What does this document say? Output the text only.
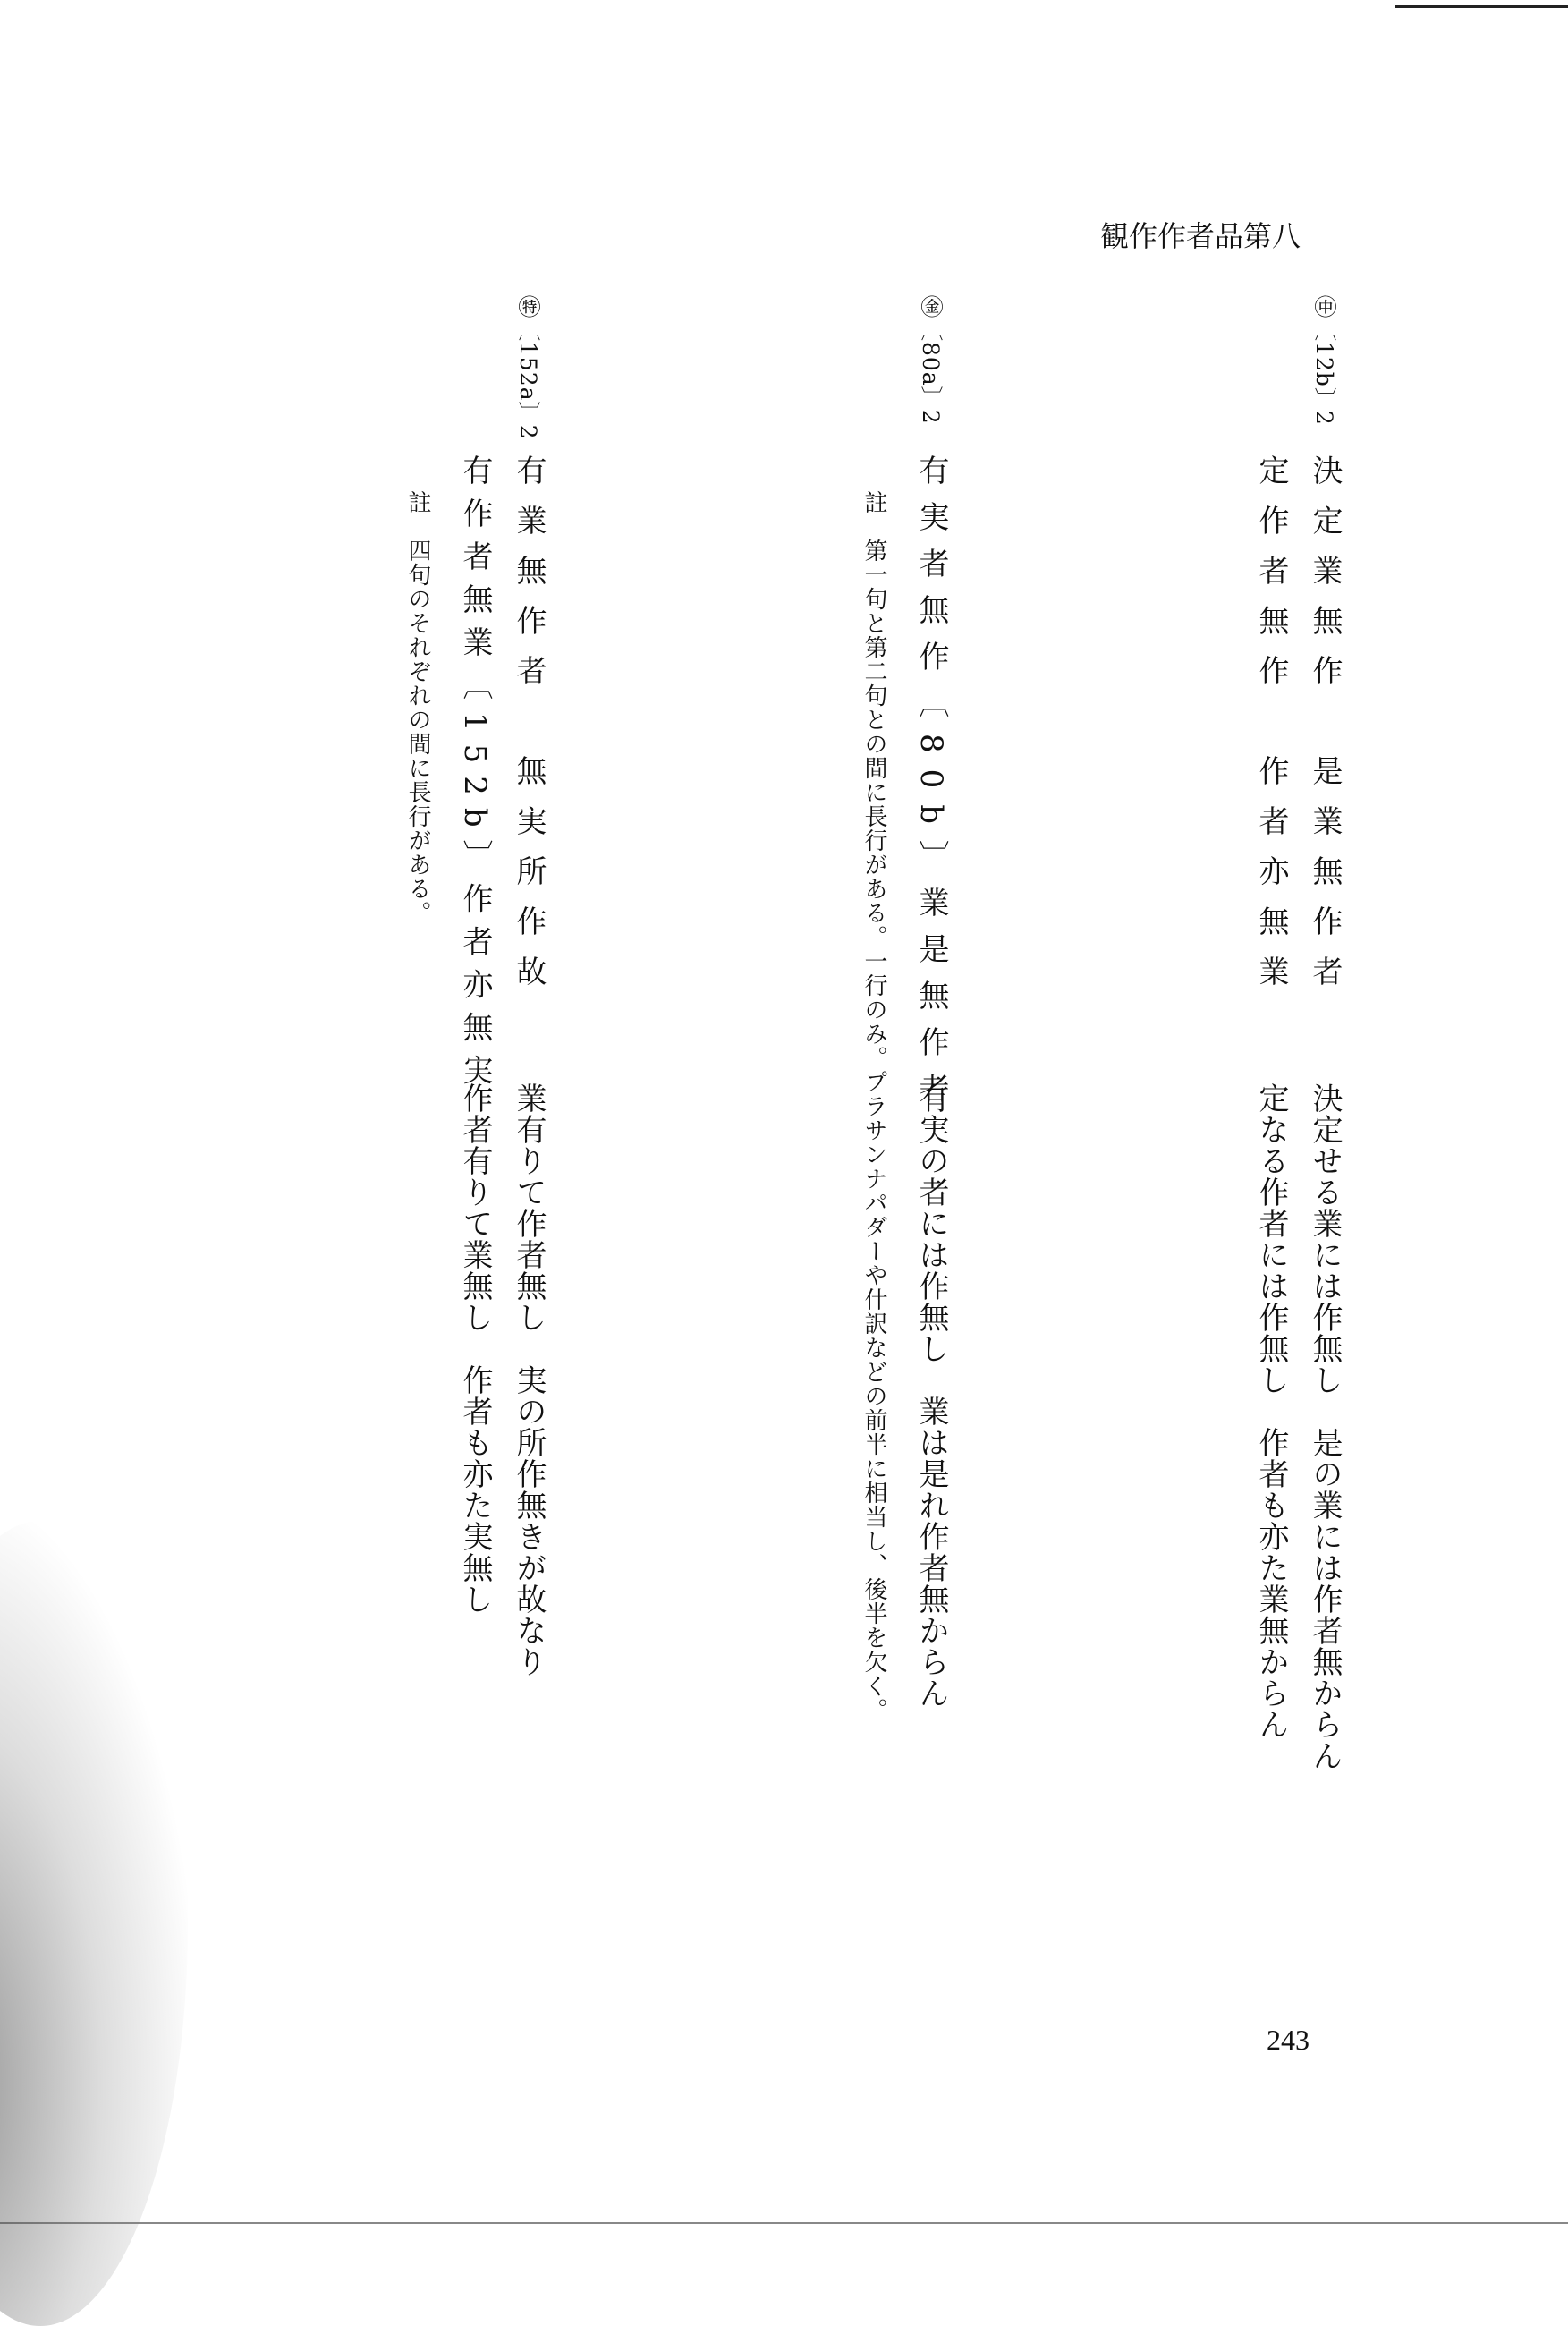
観作作者品第八
㊥〔12b〕2
決定業無作　是業無作者
定作者無作　作者亦無業
決定せる業には作無し　是の業には作者無からん
定なる作者には作無し　作者も亦た業無からん
㊎〔80a〕2
有実者無作〔80b〕業是無作者
註　第一句と第二句との間に長行がある。一行のみ。プラサンナパダーや什訳などの前半に相当し、後半を欠く。 有実の者には作無し　業は是れ作者無からん
㊕〔152a〕2
有業無作者　無実所作故
有作者無業〔152b〕作者亦無実
註　四句のそれぞれの間に長行がある。
業有りて作者無し　実の所作無きが故なり
作者有りて業無し　作者も亦た実無し
243
